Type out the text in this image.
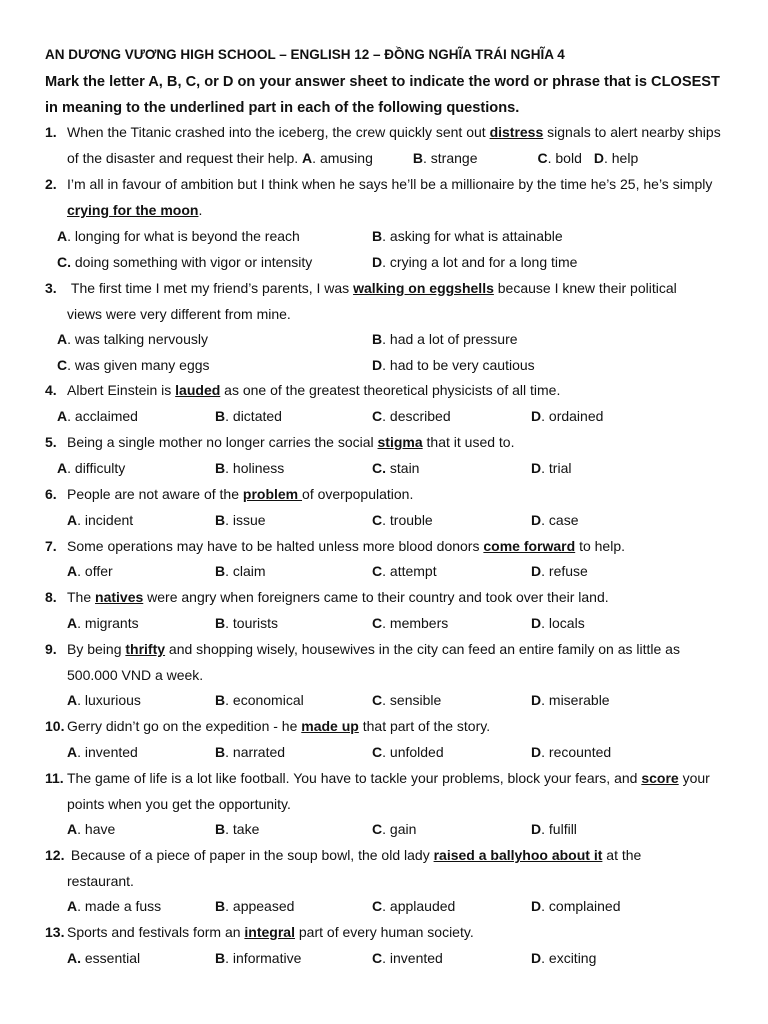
AN DƯƠNG VƯƠNG HIGH SCHOOL – ENGLISH 12 – ĐỒNG NGHĨA TRÁI NGHĨA 4
Mark the letter A, B, C, or D on your answer sheet to indicate the word or phrase that is CLOSEST in meaning to the underlined part in each of the following questions.
1. When the Titanic crashed into the iceberg, the crew quickly sent out distress signals to alert nearby ships
of the disaster and request their help. A. amusing	B. strange	C. bold D. help
2. I’m all in favour of ambition but I think when he says he’ll be a millionaire by the time he’s 25, he’s simply
crying for the moon.
A. longing for what is beyond the reach	B. asking for what is attainable
C. doing something with vigor or intensity	D. crying a lot and for a long time
3. The first time I met my friend’s parents, I was walking on eggshells because I knew their political
views were very different from mine.
A. was talking nervously	B. had a lot of pressure
C. was given many eggs	D. had to be very cautious
4. Albert Einstein is lauded as one of the greatest theoretical physicists of all time.
A. acclaimed	B. dictated	C. described	D. ordained
5. Being a single mother no longer carries the social stigma that it used to.
A. difficulty	B. holiness	C. stain	D. trial
6. People are not aware of the problem of overpopulation.
A. incident	B. issue	C. trouble	D. case
7. Some operations may have to be halted unless more blood donors come forward to help.
A. offer	B. claim	C. attempt	D. refuse
8. The natives were angry when foreigners came to their country and took over their land.
A. migrants	B. tourists	C. members	D. locals
9. By being thrifty and shopping wisely, housewives in the city can feed an entire family on as little as
500.000 VND a week.
A. luxurious	B. economical	C. sensible	D. miserable
10. Gerry didn’t go on the expedition - he made up that part of the story.
A. invented	B. narrated	C. unfolded	D. recounted
11. The game of life is a lot like football. You have to tackle your problems, block your fears, and score your
points when you get the opportunity.
A. have	B. take	C. gain	D. fulfill
12. Because of a piece of paper in the soup bowl, the old lady raised a ballyhoo about it at the
restaurant.
A. made a fuss	B. appeased	C. applauded	D. complained
13. Sports and festivals form an integral part of every human society.
A. essential	B. informative	C. invented	D. exciting
